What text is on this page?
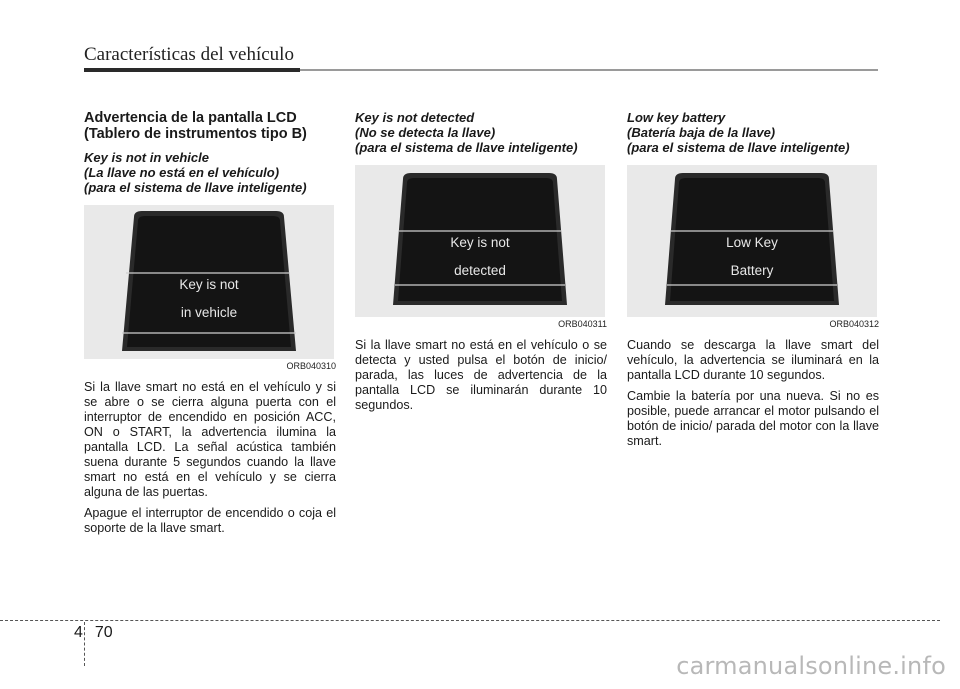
Características del vehículo
Advertencia de la pantalla LCD
(Tablero de instrumentos tipo B)
Key is not in vehicle
(La llave no está en el vehículo)
(para el sistema de llave inteligente)
Key is not
in vehicle
ORB040310

Si la llave smart no está en el vehículo y si se abre o se cierra alguna puerta con el interruptor de encendido en posición ACC, ON o START, la advertencia ilumina la pantalla LCD. La señal acústica también suena durante 5 segundos cuando la llave smart no está en el vehículo y se cierra alguna de las puertas.

Apague el interruptor de encendido o coja el soporte de la llave smart.

Key is not detected
(No se detecta la llave)
(para el sistema de llave inteligente)
Key is not
detected
ORB040311

Si la llave smart no está en el vehículo o se detecta y usted pulsa el botón de inicio/ parada, las luces de advertencia de la pantalla LCD se iluminarán durante 10 segundos.

Low key battery
(Batería baja de la llave)
(para el sistema de llave inteligente)
Low Key
Battery
ORB040312

Cuando se descarga la llave smart del vehículo, la advertencia se iluminará en la pantalla LCD durante 10 segundos.

Cambie la batería por una nueva. Si no es posible, puede arrancar el motor pulsando el botón de inicio/ parada del motor con la llave smart.

4 70
carmanualsonline.info
